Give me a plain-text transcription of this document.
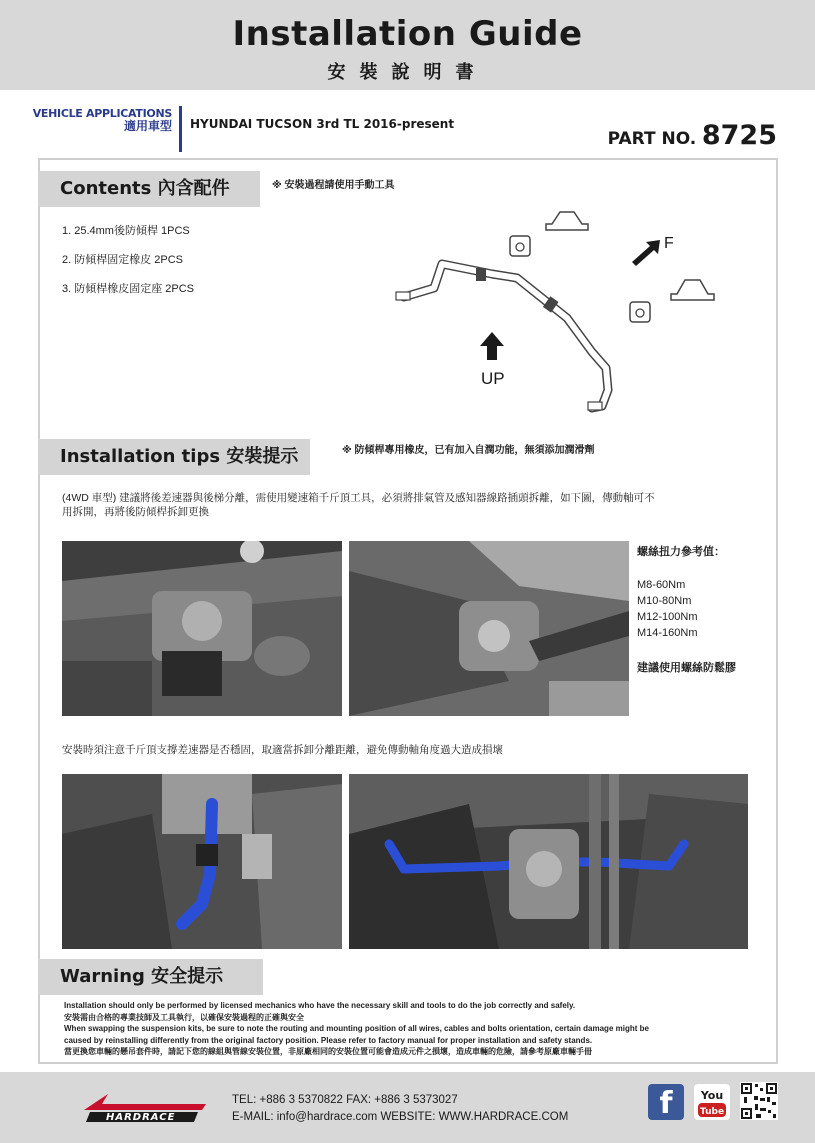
Installation Guide
安裝說明書
VEHICLE APPLICATIONS
適用車型 HYUNDAI TUCSON 3rd TL 2016-present
PART NO. 8725
Contents 內含配件	※ 安裝過程請使用手動工具
1. 25.4mm後防傾桿 1PCS
2. 防傾桿固定橡皮 2PCS
3. 防傾桿橡皮固定座 2PCS
F
UP
Installation tips 安裝提示	※ 防傾桿專用橡皮，已有加入自潤功能，無須添加潤滑劑
(4WD 車型) 建議將後差速器與後梯分離，需使用變速箱千斤頂工具，必須將排氣管及感知器線路插頭拆離，如下圖，傳動軸可不
用拆開，再將後防傾桿拆卸更換
螺絲扭力參考值：
M8-60Nm
M10-80Nm
M12-100Nm
M14-160Nm
建議使用螺絲防鬆膠
安裝時須注意千斤頂支撐差速器是否穩固，取適當拆卸分離距離，避免傳動軸角度過大造成損壞
Warning 安全提示
Installation should only be performed by licensed mechanics who have the necessary skill and tools to do the job correctly and safely.
安裝需由合格的專業技師及工具執行，以確保安裝過程的正確與安全
When swapping the suspension kits, be sure to note the routing and mounting position of all wires, cables and bolts orientation, certain damage might be
caused by reinstalling differently from the original factory position. Please refer to factory manual for proper installation and safety stands.
當更換您車輛的懸吊套件時，請記下您的線組與管線安裝位置，非原廠相同的安裝位置可能會造成元件之損壞，造成車輛的危險，請參考原廠車輛手冊
HARDRACE
TEL: +886 3 5370822 FAX: +886 3 5373027
E-MAIL: info@hardrace.com WEBSITE: WWW.HARDRACE.COM	f	You
Tube
